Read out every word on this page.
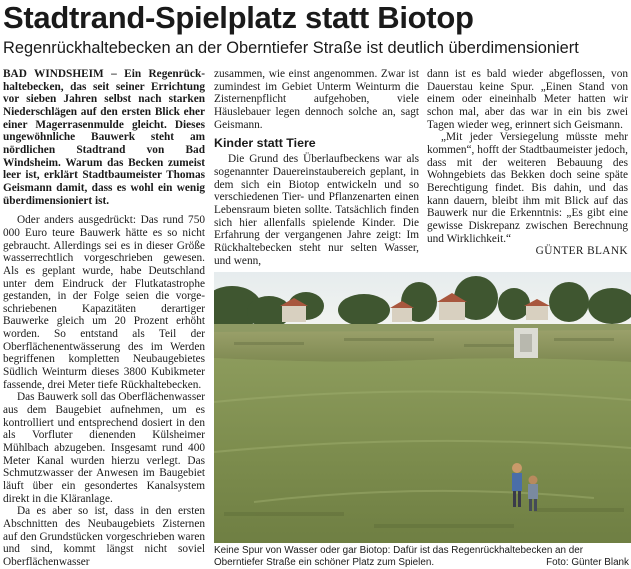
Stadtrand-Spielplatz statt Biotop
Regenrückhaltebecken an der Oberntiefer Straße ist deutlich überdimensioniert

BAD WINDSHEIM – Ein Regenrückhaltebecken, das seit seiner Errichtung vor sieben Jahren selbst nach starken Niederschlägen auf den ersten Blick eher einer Magerrasenmulde gleicht. Dieses ungewöhnliche Bauwerk steht am nördlichen Stadtrand von Bad Windsheim. Warum das Becken zumeist leer ist, erklärt Stadtbaumeister Thomas Geismann damit, dass es wohl ein wenig überdimensioniert ist.

Oder anders ausgedrückt: Das rund 750 000 Euro teure Bauwerk hätte es so nicht gebraucht. Allerdings sei es in dieser Größe wasserrechtlich vorgeschrieben gewesen. Als es geplant wurde, habe Deutschland unter dem Eindruck der Flutkatastrophe gestanden, in der Folge seien die vorgeschriebenen Kapazitäten derartiger Bauwerke gleich um 20 Prozent erhöht worden. So entstand als Teil der Oberflächenentwässerung des im Werden begriffenen kompletten Neubaugebietes Südlich Weinturm dieses 3800 Kubikmeter fassende, drei Meter tiefe Rückhaltebecken.

Das Bauwerk soll das Oberflächenwasser aus dem Baugebiet aufnehmen, um es kontrolliert und entsprechend dosiert in den als Vorfluter dienenden Külsheimer Mühlbach abzugeben. Insgesamt rund 400 Meter Kanal wurden hierzu verlegt. Das Schmutzwasser der Anwesen im Baugebiet läuft über ein gesondertes Kanalsystem direkt in die Kläranlage.

Da es aber so ist, dass in den ersten Abschnitten des Neubaugebiets Zisternen auf den Grundstücken vorgeschrieben waren und sind, kommt längst nicht soviel Oberflächenwasser

zusammen, wie einst angenommen. Zwar ist zumindest im Gebiet Unterm Weinturm die Zisternenpflicht aufgehoben, viele Häuslebauer legen dennoch solche an, sagt Geismann.

Kinder statt Tiere

Die Grund des Überlaufbeckens war als sogenannter Dauereinstaubereich geplant, in dem sich ein Biotop entwickeln und so verschiedenen Tier- und Pflanzenarten einen Lebensraum bieten sollte. Tatsächlich finden sich hier allenfalls spielende Kinder. Die Erfahrung der vergangenen Jahre zeigt: Im Rückhaltebecken steht nur selten Wasser, und wenn,

dann ist es bald wieder abgeflossen, von Dauerstau keine Spur. „Einen Stand von einem oder eineinhalb Meter hatten wir schon mal, aber das war in ein bis zwei Tagen wieder weg, erinnert sich Geismann.

„Mit jeder Versiegelung müsste mehr kommen“, hofft der Stadtbaumeister jedoch, dass mit der weiteren Bebauung des Wohngebiets das Bekken doch seine späte Berechtigung findet. Bis dahin, und das kann dauern, bleibt ihm mit Blick auf das Bauwerk nur die Erkenntnis: „Es gibt eine gewisse Diskrepanz zwischen Berechnung und Wirklichkeit.“

GÜNTER BLANK

Keine Spur von Wasser oder gar Biotop: Dafür ist das Regenrückhaltebecken an der Oberntiefer Straße ein schöner Platz zum Spielen.	Foto: Günter Blank
